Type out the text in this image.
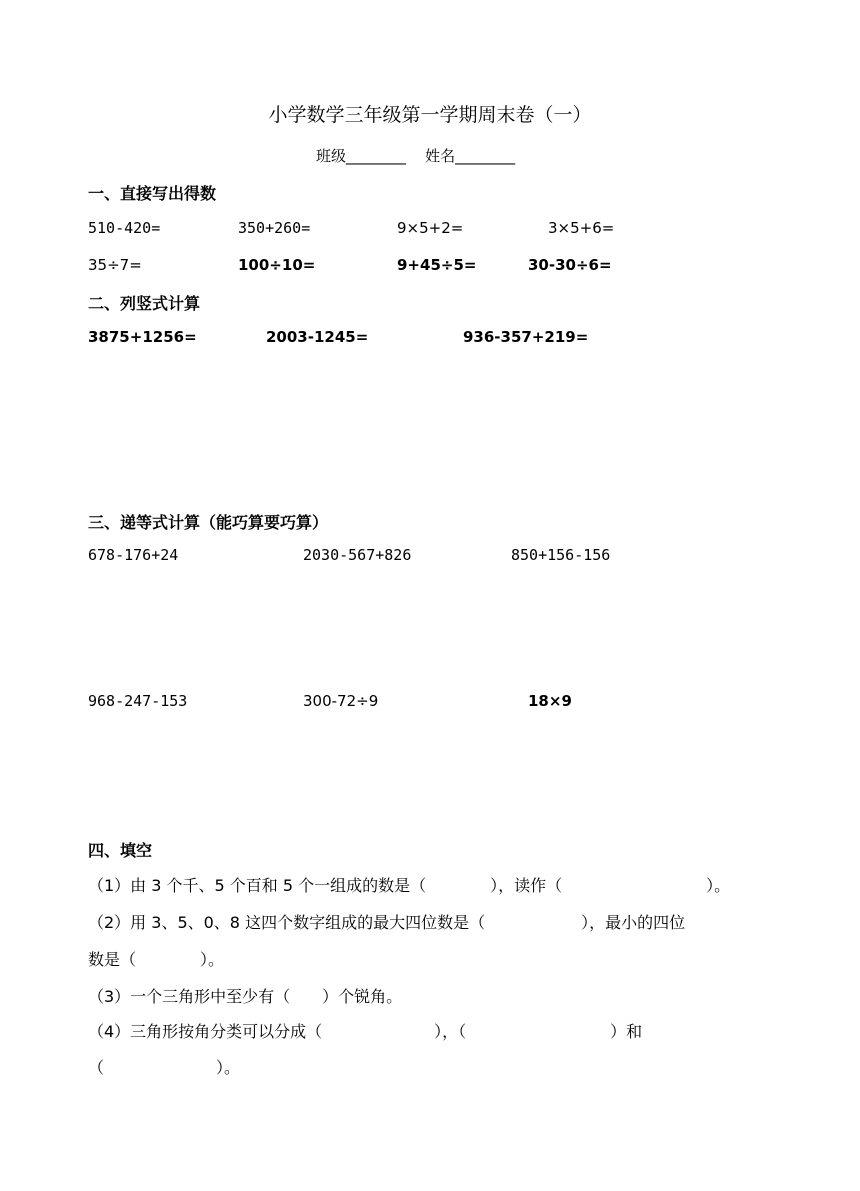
小学数学三年级第一学期周末卷（一）
班级________ 姓名________
一、直接写出得数
510-420=	350+260=	9×5+2=	3×5+6=
35÷7=	100÷10=	9+45÷5=	30-30÷6=
二、列竖式计算
3875+1256=	2003-1245=	936-357+219=
三、递等式计算（能巧算要巧算）
678-176+24	2030-567+826	850+156-156
968-247-153	300-72÷9	18×9
四、填空
（1）由 3 个千、5 个百和 5 个一组成的数是（　　　　），读作（　　　　　　　　　）。
（2）用 3、5、0、8 这四个数字组成的最大四位数是（　　　　　　），最小的四位
数是（　　　　）。
（3）一个三角形中至少有（　　）个锐角。
（4）三角形按角分类可以分成（　　　　　　　），（　　　　　　　　　）和
（　　　　　　　）。
